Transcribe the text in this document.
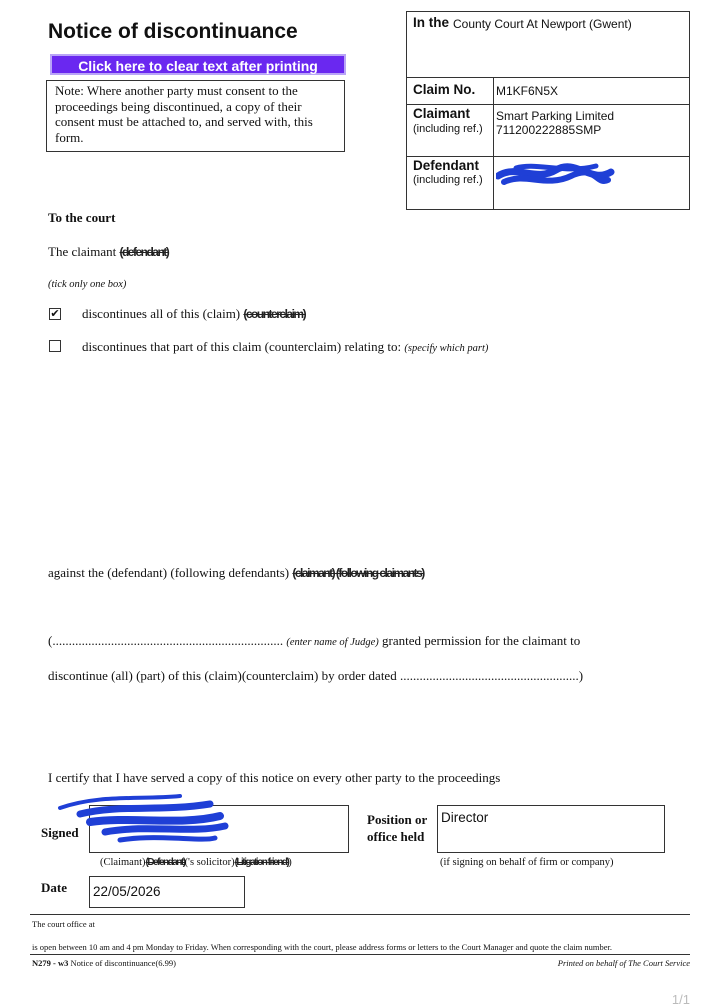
Notice of discontinuance
Click here to clear text after printing
Note: Where another party must consent to the proceedings being discontinued, a copy of their consent must be attached to, and served with, this form.
In the County Court At Newport (Gwent)
Claim No. M1KF6N5X
Claimant
(including ref.)
Smart Parking Limited
711200222885SMP
Defendant
(including ref.)
To the court
The claimant (defendant)
(tick only one box)
✔ discontinues all of this (claim) (counterclaim)
discontinues that part of this claim (counterclaim) relating to: (specify which part)
against the (defendant) (following defendants) (claimant) (following claimants)
(....................................................................... (enter name of Judge) granted permission for the claimant to
discontinue (all) (part) of this (claim)(counterclaim) by order dated .......................................................)
I certify that I have served a copy of this notice on every other party to the proceedings
Signed
Position or
office held
Director
(Claimant)(Defendant)('s solicitor)(Litigation friend))	(if signing on behalf of firm or company)
Date 22/05/2026
The court office at
is open between 10 am and 4 pm Monday to Friday. When corresponding with the court, please address forms or letters to the Court Manager and quote the claim number.
N279 - w3 Notice of discontinuance(6.99)	Printed on behalf of The Court Service
1/1
